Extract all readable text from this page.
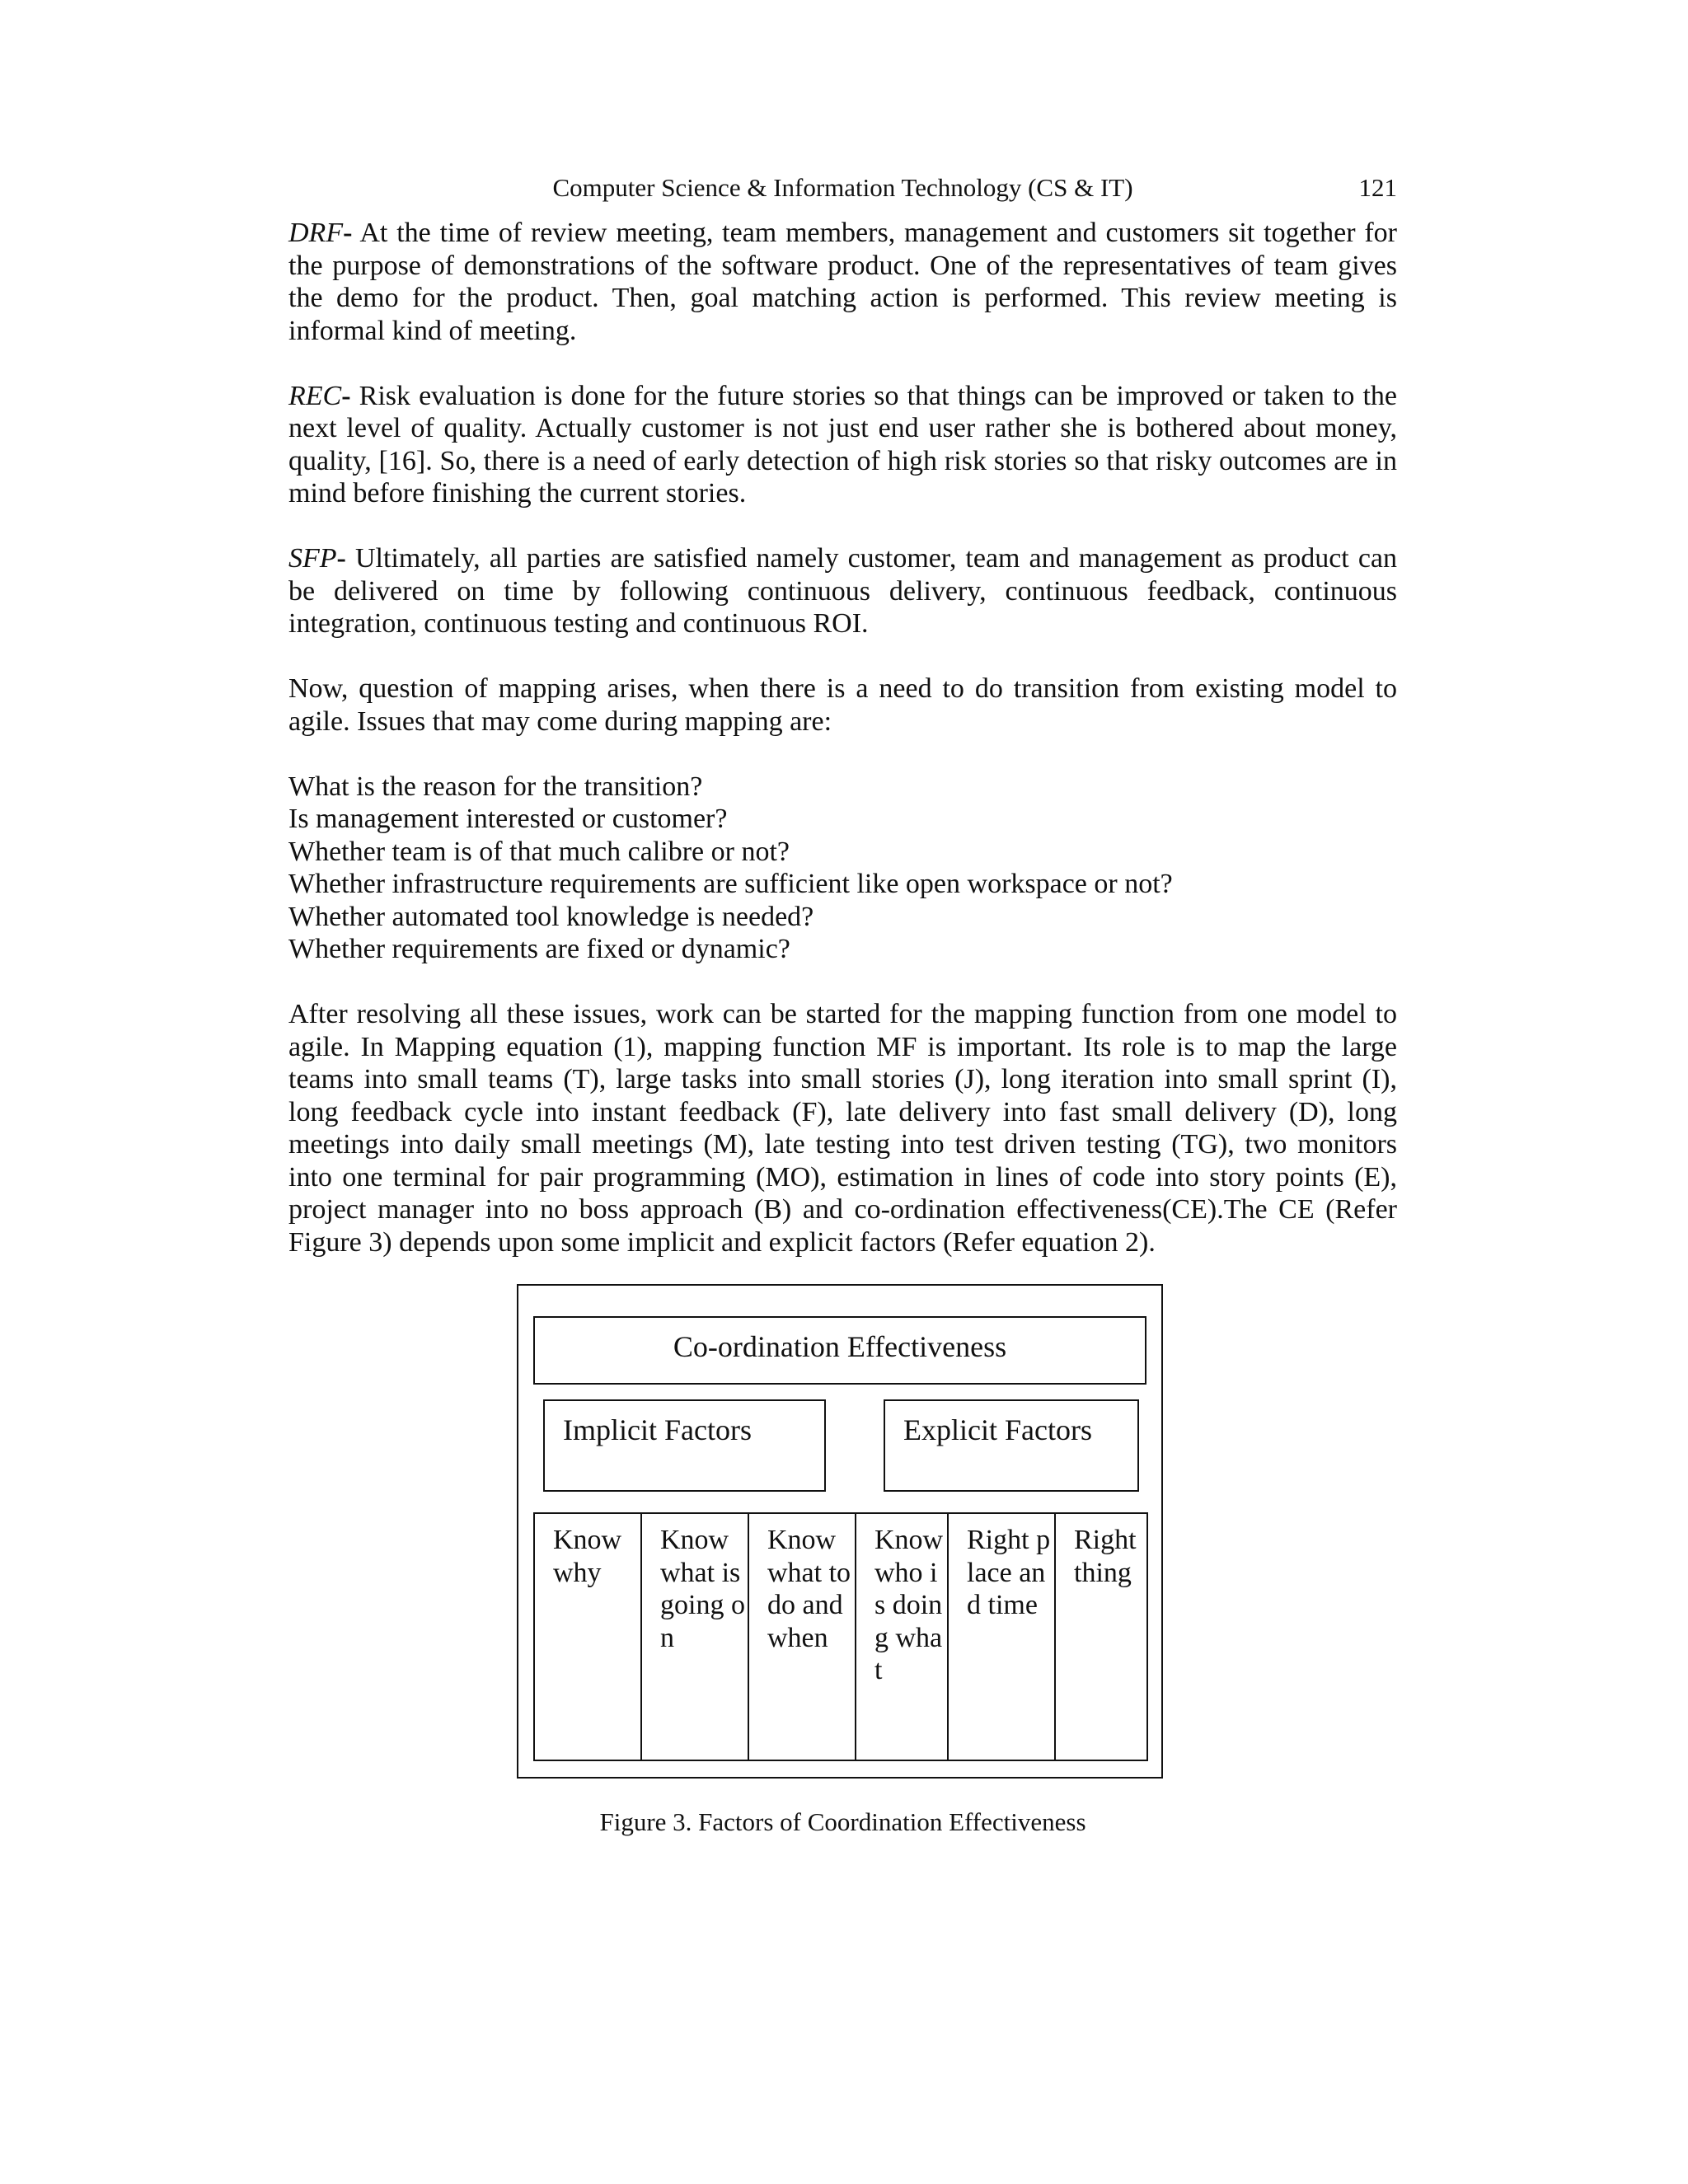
Computer Science & Information Technology (CS & IT)	121

DRF- At the time of review meeting, team members, management and customers sit together for the purpose of demonstrations of the software product. One of the representatives of team gives the demo for the product. Then, goal matching action is performed. This review meeting is informal kind of meeting.

REC- Risk evaluation is done for the future stories so that things can be improved or taken to the next level of quality. Actually customer is not just end user rather she is bothered about money, quality, [16]. So, there is a need of early detection of high risk stories so that risky outcomes are in mind before finishing the current stories.

SFP- Ultimately, all parties are satisfied namely customer, team and management as product can be delivered on time by following continuous delivery, continuous feedback, continuous integration, continuous testing and continuous ROI.

Now, question of mapping arises, when there is a need to do transition from existing model to agile. Issues that may come during mapping are:

What is the reason for the transition?
Is management interested or customer?
Whether team is of that much calibre or not?
Whether infrastructure requirements are sufficient like open workspace or not?
Whether automated tool knowledge is needed?
Whether requirements are fixed or dynamic?

After resolving all these issues, work can be started for the mapping function from one model to agile. In Mapping equation (1), mapping function MF is important. Its role is to map the large teams into small teams (T), large tasks into small stories (J), long iteration into small sprint (I), long feedback cycle into instant feedback (F), late delivery into fast small delivery (D), long meetings into daily small meetings (M), late testing into test driven testing (TG), two monitors into one terminal for pair programming (MO), estimation in lines of code into story points (E), project manager into no boss approach (B) and co-ordination effectiveness(CE).The CE (Refer Figure 3) depends upon some implicit and explicit factors (Refer equation 2).

Co-ordination Effectiveness
Implicit Factors	Explicit Factors
Know why	Know what is going on	Know what to do and when	Know who is doing what	Right place and time	Right thing
Figure 3. Factors of Coordination Effectiveness
